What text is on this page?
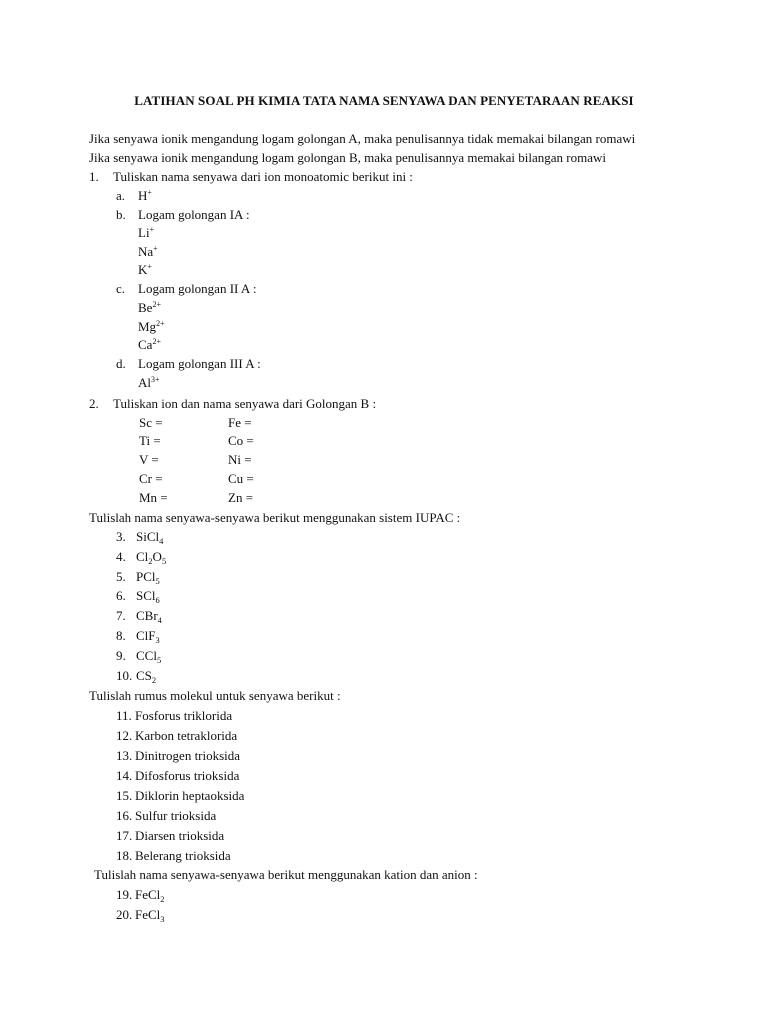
LATIHAN SOAL PH KIMIA TATA NAMA SENYAWA DAN PENYETARAAN REAKSI
Jika senyawa ionik mengandung logam golongan A, maka penulisannya tidak memakai bilangan romawi
Jika senyawa ionik mengandung logam golongan B, maka penulisannya memakai bilangan romawi
1. Tuliskan nama senyawa dari ion monoatomic berikut ini :
a. H+
b. Logam golongan IA :
Li+
Na+
K+
c. Logam golongan II A :
$Be^{2+}$
$Mg^{2+}$
$Ca^{2+}$
d. Logam golongan III A :
$Al^{3+}$
2. Tuliskan ion dan nama senyawa dari Golongan B :
Sc =
Ti =
V =
Cr =
Mn =
Fe =
Co =
Ni =
Cu =
Zn =
Tulislah nama senyawa-senyawa berikut menggunakan sistem IUPAC :
3. SiCl$_4$
4. $Cl_2O_5$
5. PCl$_5$
6. SCl$_6$
7. CBr$_4$
8. ClF$_3$
9. CCl$_5$
10. $CS_2$
Tulislah rumus molekul untuk senyawa berikut :
11. Fosforus triklorida
12. Karbon tetraklorida
13. Dinitrogen trioksida
14. Difosforus trioksida
15. Diklorin heptaoksida
16. Sulfur trioksida
17. Diarsen trioksida
18. Belerang trioksida
Tulislah nama senyawa-senyawa berikut menggunakan kation dan anion :
19. FeCl$_2$
20. FeCl$_3$
